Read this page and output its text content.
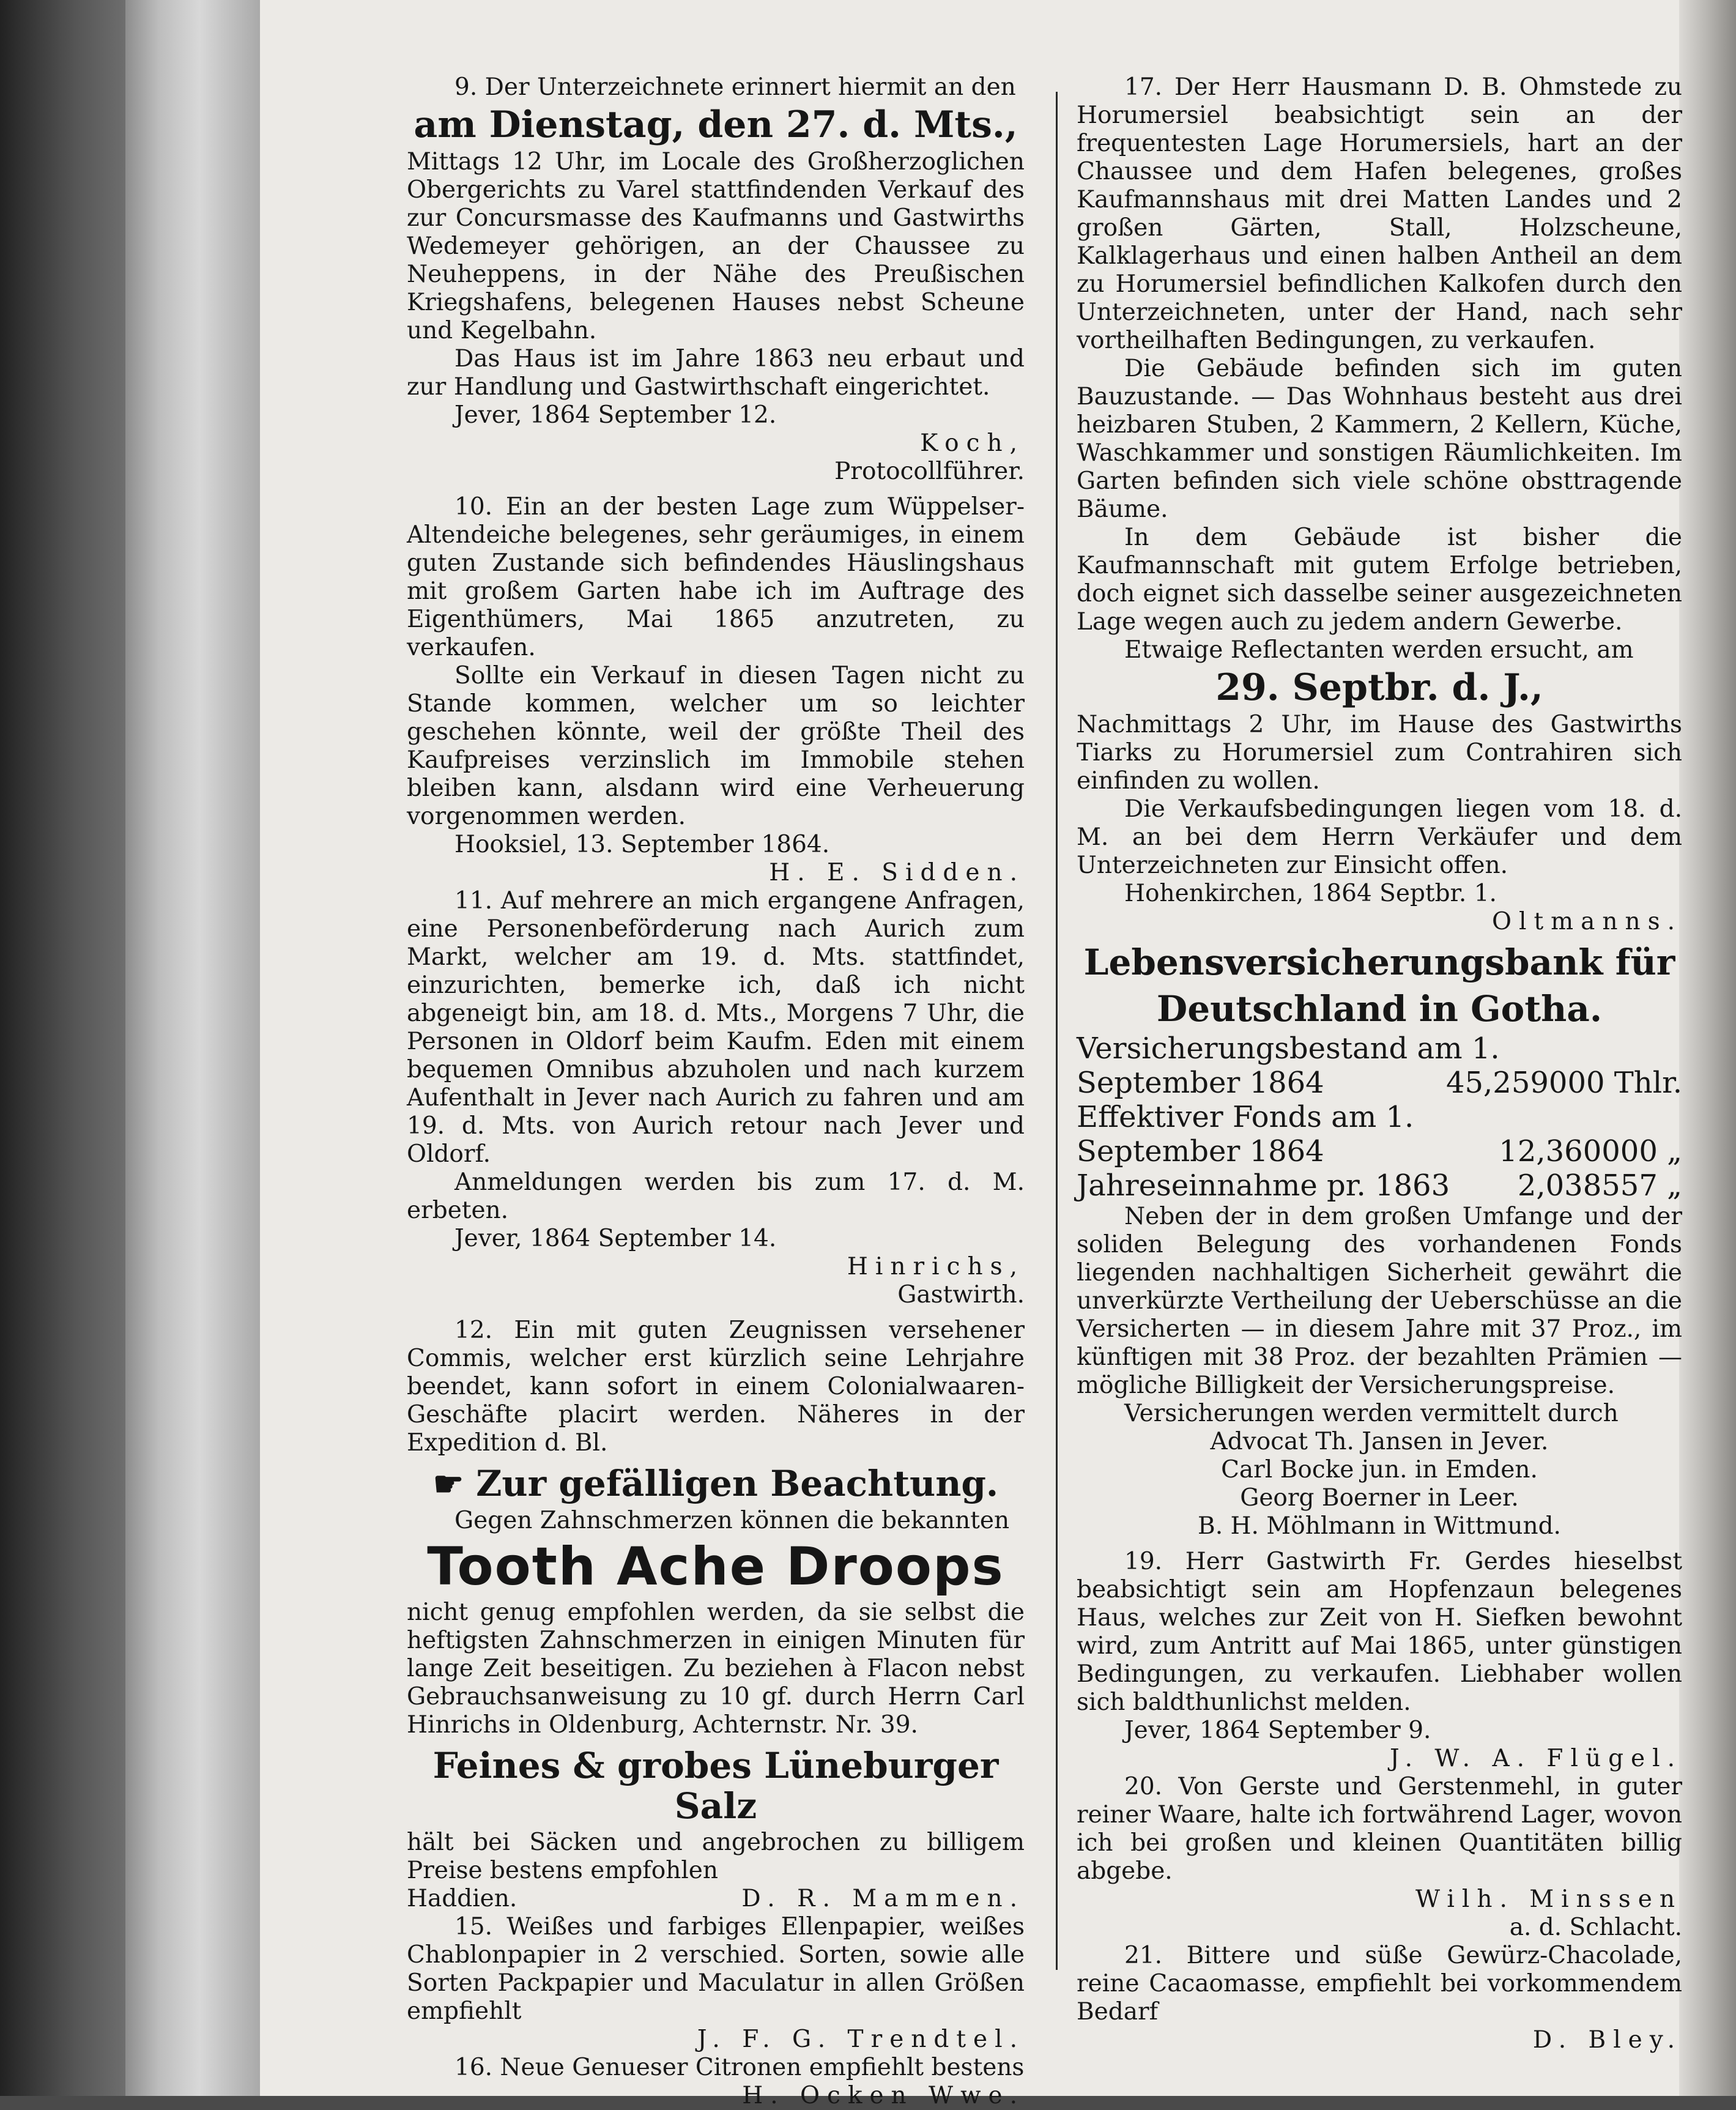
9. Der Unterzeichnete erinnert hiermit an den

am Dienstag, den 27. d. Mts.,

Mittags 12 Uhr, im Locale des Großherzoglichen Obergerichts zu Varel stattfindenden Verkauf des zur Concursmasse des Kaufmanns und Gastwirths Wedemeyer gehörigen, an der Chaussee zu Neuheppens, in der Nähe des Preußischen Kriegshafens, belegenen Hauses nebst Scheune und Kegelbahn.

Das Haus ist im Jahre 1863 neu erbaut und zur Handlung und Gastwirthschaft eingerichtet.

Jever, 1864 September 12.

Koch,

Protocollführer.

10. Ein an der besten Lage zum Wüppelser-Altendeiche belegenes, sehr geräumiges, in einem guten Zustande sich befindendes Häuslingshaus mit großem Garten habe ich im Auftrage des Eigenthümers, Mai 1865 anzutreten, zu verkaufen.

Sollte ein Verkauf in diesen Tagen nicht zu Stande kommen, welcher um so leichter geschehen könnte, weil der größte Theil des Kaufpreises verzinslich im Immobile stehen bleiben kann, alsdann wird eine Verheuerung vorgenommen werden.

Hooksiel, 13. September 1864.

H. E. Sidden.

11. Auf mehrere an mich ergangene Anfragen, eine Personenbeförderung nach Aurich zum Markt, welcher am 19. d. Mts. stattfindet, einzurichten, bemerke ich, daß ich nicht abgeneigt bin, am 18. d. Mts., Morgens 7 Uhr, die Personen in Oldorf beim Kaufm. Eden mit einem bequemen Omnibus abzuholen und nach kurzem Aufenthalt in Jever nach Aurich zu fahren und am 19. d. Mts. von Aurich retour nach Jever und Oldorf.

Anmeldungen werden bis zum 17. d. M. erbeten.

Jever, 1864 September 14.

Hinrichs,

Gastwirth.

12. Ein mit guten Zeugnissen versehener Commis, welcher erst kürzlich seine Lehrjahre beendet, kann sofort in einem Colonialwaaren-Geschäfte placirt werden. Näheres in der Expedition d. Bl.

☛ Zur gefälligen Beachtung.

Gegen Zahnschmerzen können die bekannten

Tooth Ache Droops

nicht genug empfohlen werden, da sie selbst die heftigsten Zahnschmerzen in einigen Minuten für lange Zeit beseitigen. Zu beziehen à Flacon nebst Gebrauchsanweisung zu 10 gf. durch Herrn Carl Hinrichs in Oldenburg, Achternstr. Nr. 39.

Feines & grobes Lüneburger Salz

hält bei Säcken und angebrochen zu billigem Preise bestens empfohlen

Haddien.	D. R. Mammen.

15. Weißes und farbiges Ellenpapier, weißes Chablonpapier in 2 verschied. Sorten, sowie alle Sorten Packpapier und Maculatur in allen Größen empfiehlt

J. F. G. Trendtel.

16. Neue Genueser Citronen empfiehlt bestens

H. Ocken Wwe.

17. Der Herr Hausmann D. B. Ohmstede zu Horumersiel beabsichtigt sein an der frequentesten Lage Horumersiels, hart an der Chaussee und dem Hafen belegenes, großes Kaufmannshaus mit drei Matten Landes und 2 großen Gärten, Stall, Holzscheune, Kalklagerhaus und einen halben Antheil an dem zu Horumersiel befindlichen Kalkofen durch den Unterzeichneten, unter der Hand, nach sehr vortheilhaften Bedingungen, zu verkaufen.

Die Gebäude befinden sich im guten Bauzustande. — Das Wohnhaus besteht aus drei heizbaren Stuben, 2 Kammern, 2 Kellern, Küche, Waschkammer und sonstigen Räumlichkeiten. Im Garten befinden sich viele schöne obsttragende Bäume.

In dem Gebäude ist bisher die Kaufmannschaft mit gutem Erfolge betrieben, doch eignet sich dasselbe seiner ausgezeichneten Lage wegen auch zu jedem andern Gewerbe.

Etwaige Reflectanten werden ersucht, am

29. Septbr. d. J.,

Nachmittags 2 Uhr, im Hause des Gastwirths Tiarks zu Horumersiel zum Contrahiren sich einfinden zu wollen.

Die Verkaufsbedingungen liegen vom 18. d. M. an bei dem Herrn Verkäufer und dem Unterzeichneten zur Einsicht offen.

Hohenkirchen, 1864 Septbr. 1.

Oltmanns.

Lebensversicherungsbank für

Deutschland in Gotha.

Versicherungsbestand am 1.

September 1864	45,259000 Thlr.

Effektiver Fonds am 1.

September 1864	12,360000 „

Jahreseinnahme pr. 1863 2,038557 „

Neben der in dem großen Umfange und der soliden Belegung des vorhandenen Fonds liegenden nachhaltigen Sicherheit gewährt die unverkürzte Vertheilung der Ueberschüsse an die Versicherten — in diesem Jahre mit 37 Proz., im künftigen mit 38 Proz. der bezahlten Prämien — mögliche Billigkeit der Versicherungspreise.

Versicherungen werden vermittelt durch

Advocat Th. Jansen in Jever.

Carl Bocke jun. in Emden.

Georg Boerner in Leer.

B. H. Möhlmann in Wittmund.

19. Herr Gastwirth Fr. Gerdes hieselbst beabsichtigt sein am Hopfenzaun belegenes Haus, welches zur Zeit von H. Siefken bewohnt wird, zum Antritt auf Mai 1865, unter günstigen Bedingungen, zu verkaufen. Liebhaber wollen sich baldthunlichst melden.

Jever, 1864 September 9.

J. W. A. Flügel.

20. Von Gerste und Gerstenmehl, in guter reiner Waare, halte ich fortwährend Lager, wovon ich bei großen und kleinen Quantitäten billig abgebe.

Wilh. Minssen

a. d. Schlacht.

21. Bittere und süße Gewürz-Chacolade, reine Cacaomasse, empfiehlt bei vorkommendem Bedarf

D. Bley.
